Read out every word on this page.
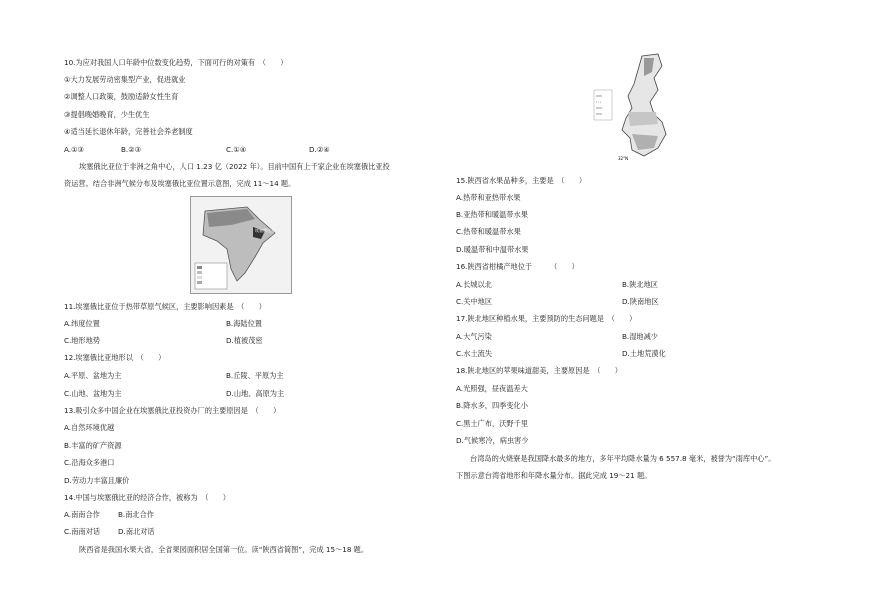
10.为应对我国人口年龄中位数变化趋势，下面可行的对策有　（　　）
①大力发展劳动密集型产业，促进就业
②调整人口政策，鼓励适龄女性生育
③提倡晚婚晚育，少生优生
④适当延长退休年龄，完善社会养老制度
A.①③	B.②③	C.①④	D.②④
埃塞俄比亚位于非洲之角中心，人口 1.23 亿（2022 年）。目前中国有上千家企业在埃塞俄比亚投
资运营。结合非洲气候分布及埃塞俄比亚位置示意图，完成 11～14 题。
埃塞俄比亚
11.埃塞俄比亚位于热带草原气候区，主要影响因素是　（　　）
A.纬度位置	B.海陆位置
C.地形地势	D.植被茂密
12.埃塞俄比亚地形以　（　　）
A.平原、盆地为主	B.丘陵、平原为主
C.山地、盆地为主	D.山地、高原为主
13.吸引众多中国企业在埃塞俄比亚投资办厂的主要原因是　（　　）
A.自然环境优越
B.丰富的矿产资源
C.沿海众多港口
D.劳动力丰富且廉价
14.中国与埃塞俄比亚的经济合作，被称为　（　　）
A.南南合作	B.南北合作
C.南南对话 D.南北对话
陕西省是我国水果大省，全省果园面积居全国第一位。读“陕西省简图”，完成 15～18 题。
32°N
15.陕西省水果品种多，主要是　（　　）
A.热带和亚热带水果
B.亚热带和暖温带水果
C.热带和暖温带水果
D.暖温带和中温带水果
16.陕西省柑橘产地位于　　　（　　）
A.长城以北	B.陕北地区
C.关中地区	D.陕南地区
17.陕北地区种植水果，主要预防的生态问题是　（　　）
A.大气污染	B.湿地减少
C.水土流失	D.土地荒漠化
18.陕北地区的苹果味道甜美，主要原因是　（　　）
A.光照强，昼夜温差大
B.降水多，四季变化小
C.黑土广布，沃野千里
D.气候寒冷，病虫害少
台湾岛的火烧寮是我国降水最多的地方，多年平均降水量为 6 557.8 毫米，被誉为“雨库中心”。
下图示意台湾省地形和年降水量分布。据此完成 19～21 题。
